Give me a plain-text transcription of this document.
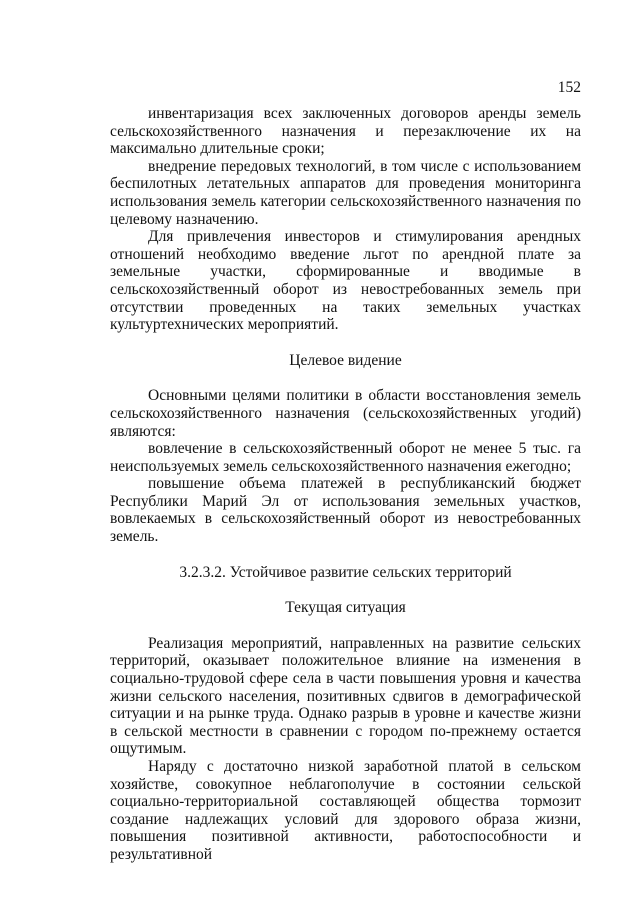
152

инвентаризация всех заключенных договоров аренды земель сельскохозяйственного назначения и перезаключение их на максимально длительные сроки;

внедрение передовых технологий, в том числе с использованием беспилотных летательных аппаратов для проведения мониторинга использования земель категории сельскохозяйственного назначения по целевому назначению.

Для привлечения инвесторов и стимулирования арендных отношений необходимо введение льгот по арендной плате за земельные участки, сформированные и вводимые в сельскохозяйственный оборот из невостребованных земель при отсутствии проведенных на таких земельных участках культуртехнических мероприятий.

Целевое видение

Основными целями политики в области восстановления земель сельскохозяйственного назначения (сельскохозяйственных угодий) являются:

вовлечение в сельскохозяйственный оборот не менее 5 тыс. га неиспользуемых земель сельскохозяйственного назначения ежегодно;

повышение объема платежей в республиканский бюджет Республики Марий Эл от использования земельных участков, вовлекаемых в сельскохозяйственный оборот из невостребованных земель.

3.2.3.2. Устойчивое развитие сельских территорий

Текущая ситуация

Реализация мероприятий, направленных на развитие сельских территорий, оказывает положительное влияние на изменения в социально-трудовой сфере села в части повышения уровня и качества жизни сельского населения, позитивных сдвигов в демографической ситуации и на рынке труда. Однако разрыв в уровне и качестве жизни в сельской местности в сравнении с городом по-прежнему остается ощутимым.

Наряду с достаточно низкой заработной платой в сельском хозяйстве, совокупное неблагополучие в состоянии сельской социально-территориальной составляющей общества тормозит создание надлежащих условий для здорового образа жизни, повышения позитивной активности, работоспособности и результативной
